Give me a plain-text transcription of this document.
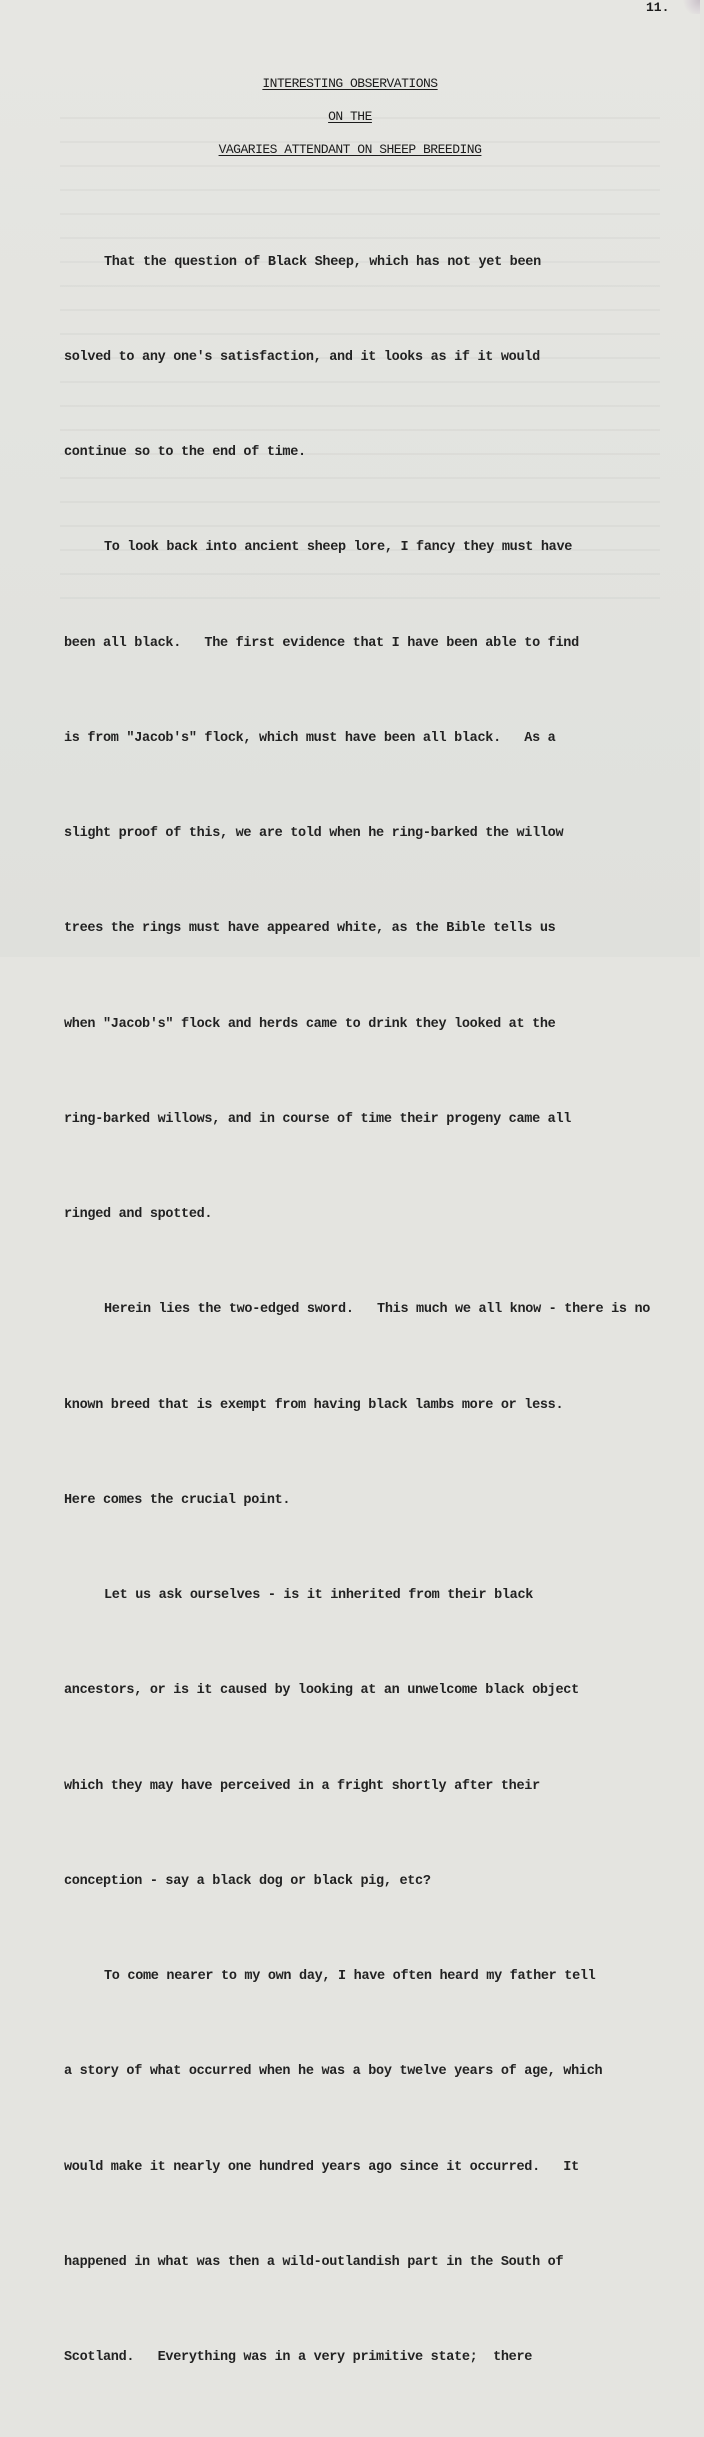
11.
INTERESTING OBSERVATIONS
ON THE
VAGARIES ATTENDANT ON SHEEP BREEDING

That the question of Black Sheep, which has not yet been

solved to any one's satisfaction, and it looks as if it would

continue so to the end of time.

To look back into ancient sheep lore, I fancy they must have

been all black.   The first evidence that I have been able to find

is from "Jacob's" flock, which must have been all black.   As a

slight proof of this, we are told when he ring-barked the willow

trees the rings must have appeared white, as the Bible tells us

when "Jacob's" flock and herds came to drink they looked at the

ring-barked willows, and in course of time their progeny came all

ringed and spotted.

Herein lies the two-edged sword.   This much we all know - there is no

known breed that is exempt from having black lambs more or less.

Here comes the crucial point.

Let us ask ourselves - is it inherited from their black

ancestors, or is it caused by looking at an unwelcome black object

which they may have perceived in a fright shortly after their

conception - say a black dog or black pig, etc?

To come nearer to my own day, I have often heard my father tell

a story of what occurred when he was a boy twelve years of age, which

would make it nearly one hundred years ago since it occurred.   It

happened in what was then a wild-outlandish part in the South of

Scotland.   Everything was in a very primitive state;  there
